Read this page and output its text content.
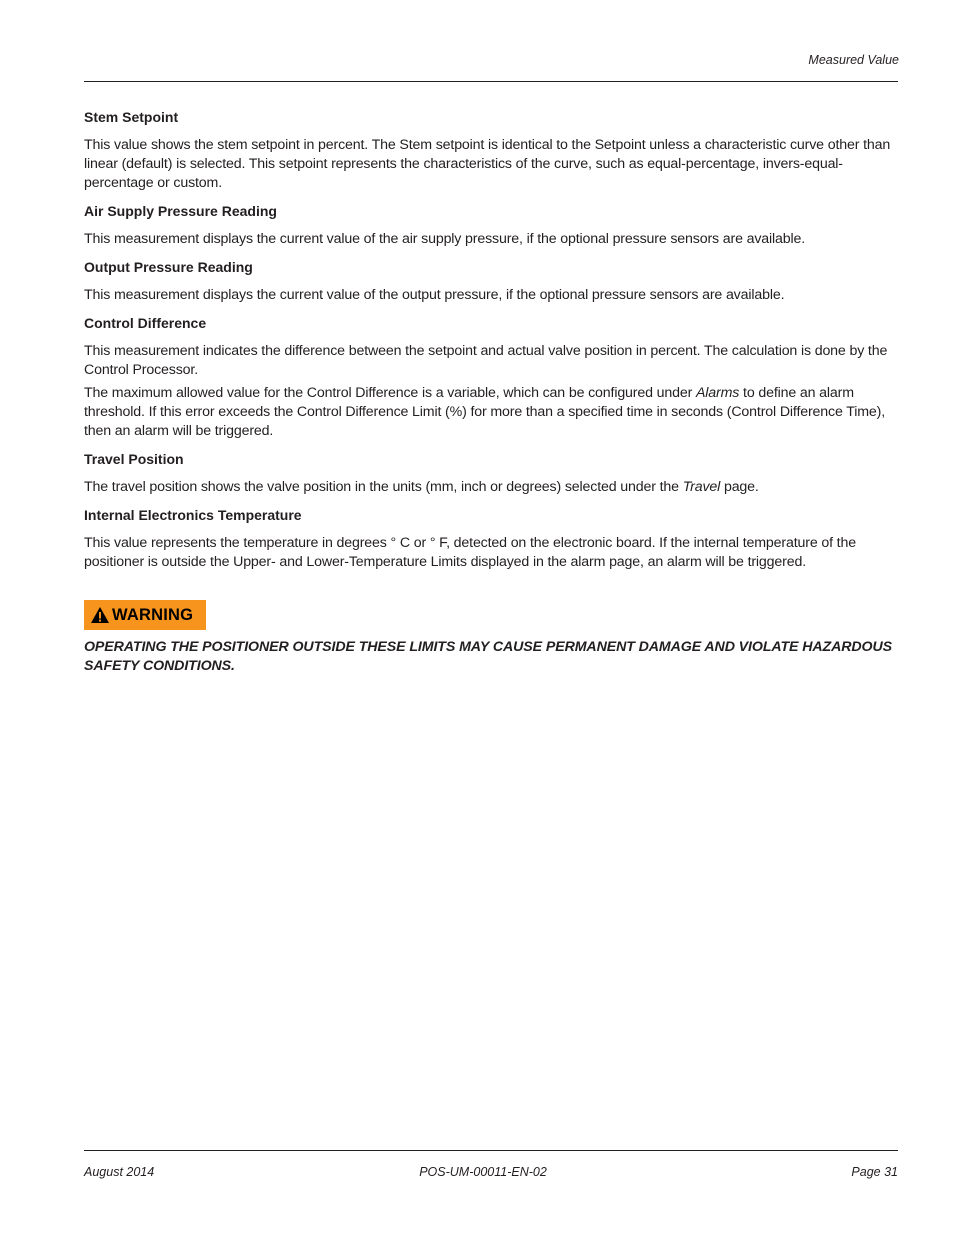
Measured Value
Stem Setpoint

This value shows the stem setpoint in percent. The Stem setpoint is identical to the Setpoint unless a characteristic curve other than linear (default) is selected. This setpoint represents the characteristics of the curve, such as equal-percentage, invers-equal-percentage or custom.

Air Supply Pressure Reading

This measurement displays the current value of the air supply pressure, if the optional pressure sensors are available.

Output Pressure Reading

This measurement displays the current value of the output pressure, if the optional pressure sensors are available.

Control Difference

This measurement indicates the difference between the setpoint and actual valve position in percent. The calculation is done by the Control Processor.

The maximum allowed value for the Control Difference is a variable, which can be configured under Alarms to define an alarm threshold. If this error exceeds the Control Difference Limit (%) for more than a specified time in seconds (Control Difference Time), then an alarm will be triggered.

Travel Position

The travel position shows the valve position in the units (mm, inch or degrees) selected under the Travel page.

Internal Electronics Temperature

This value represents the temperature in degrees ° C or ° F, detected on the electronic board. If the internal temperature of the positioner is outside the Upper- and Lower-Temperature Limits displayed in the alarm page, an alarm will be triggered.

WARNING

OPERATING THE POSITIONER OUTSIDE THESE LIMITS MAY CAUSE PERMANENT DAMAGE AND VIOLATE HAZARDOUS SAFETY CONDITIONS.

August 2014	POS-UM-00011-EN-02	Page 31
